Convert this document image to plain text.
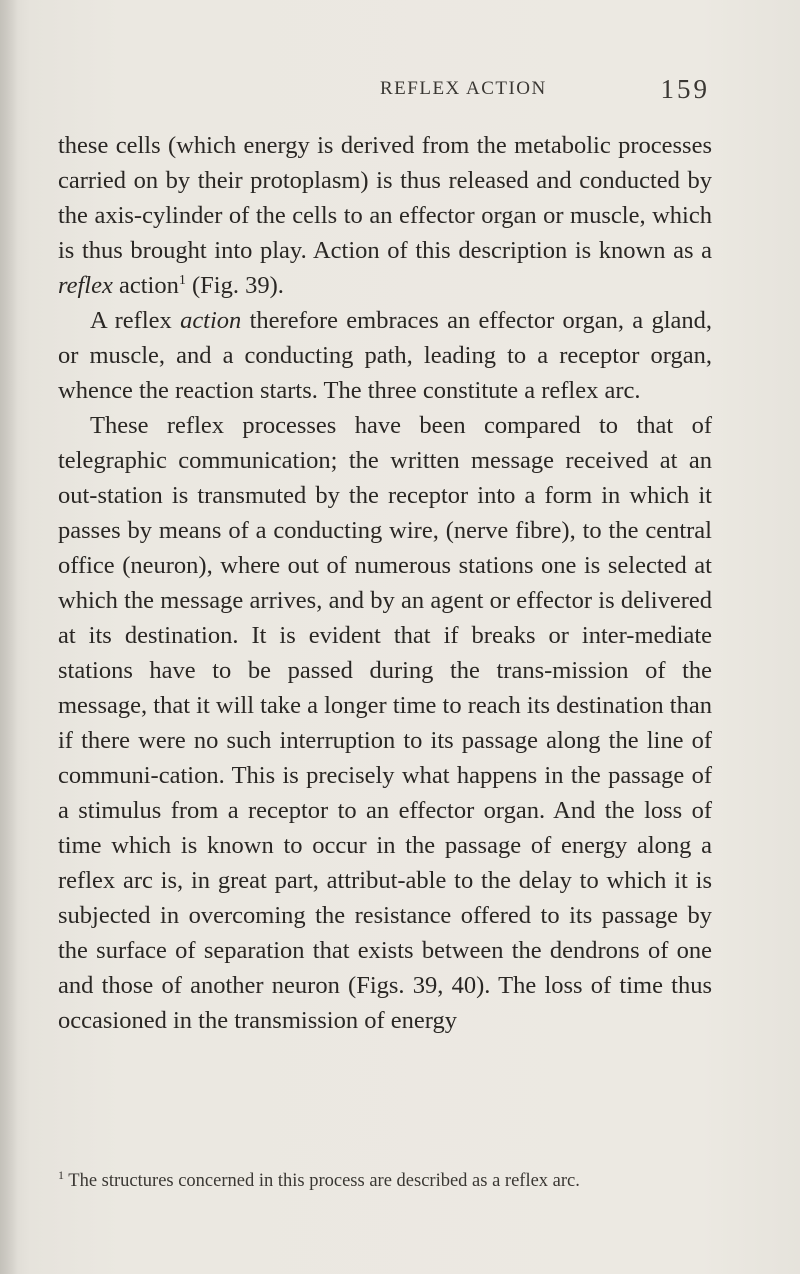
REFLEX ACTION	159

these cells (which energy is derived from the metabolic processes carried on by their protoplasm) is thus released and conducted by the axis-cylinder of the cells to an effector organ or muscle, which is thus brought into play. Action of this description is known as a reflex action$^1$ (Fig. 39).

A reflex action therefore embraces an effector organ, a gland, or muscle, and a conducting path, leading to a receptor organ, whence the reaction starts. The three constitute a reflex arc.

These reflex processes have been compared to that of telegraphic communication; the written message received at an out-station is transmuted by the receptor into a form in which it passes by means of a conducting wire, (nerve fibre), to the central office (neuron), where out of numerous stations one is selected at which the message arrives, and by an agent or effector is delivered at its destination. It is evident that if breaks or inter-mediate stations have to be passed during the trans-mission of the message, that it will take a longer time to reach its destination than if there were no such interruption to its passage along the line of communi-cation. This is precisely what happens in the passage of a stimulus from a receptor to an effector organ. And the loss of time which is known to occur in the passage of energy along a reflex arc is, in great part, attribut-able to the delay to which it is subjected in overcoming the resistance offered to its passage by the surface of separation that exists between the dendrons of one and those of another neuron (Figs. 39, 40). The loss of time thus occasioned in the transmission of energy

$^1$ The structures concerned in this process are described as a reflex arc.
